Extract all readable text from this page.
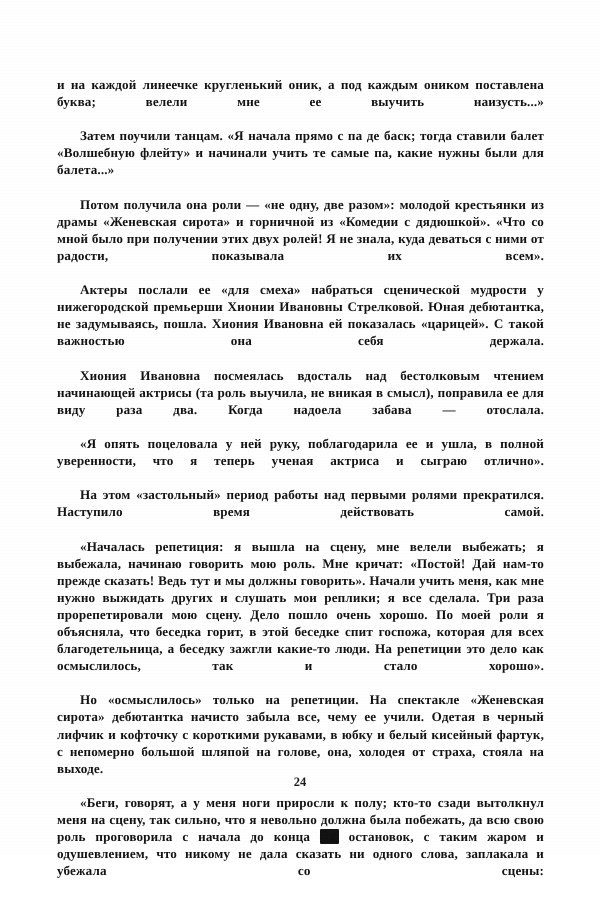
и на каждой линеечке кругленький оник, а под каждым оником поставлена буква; велели мне ее выучить наизусть...»

Затем поучили танцам. «Я начала прямо с па де баск; тогда ставили балет «Волшебную флейту» и начинали учить те самые па, какие нужны были для балета...»

Потом получила она роли — «не одну, две разом»: молодой крестьянки из драмы «Женевская сирота» и горничной из «Комедии с дядюшкой». «Что со мной было при получении этих двух ролей! Я не знала, куда деваться с ними от радости, показывала их всем».

Актеры послали ее «для смеха» набраться сценической мудрости у нижегородской премьерши Хионии Ивановны Стрелковой. Юная дебютантка, не задумываясь, пошла. Хиония Ивановна ей показалась «царицей». С такой важностью она себя держала.

Хиония Ивановна посмеялась вдосталь над бестолковым чтением начинающей актрисы (та роль выучила, не вникая в смысл), поправила ее для виду раза два. Когда надоела забава — отослала.

«Я опять поцеловала у ней руку, поблагодарила ее и ушла, в полной уверенности, что я теперь ученая актриса и сыграю отлично».

На этом «застольный» период работы над первыми ролями прекратился. Наступило время действовать самой.

«Началась репетиция: я вышла на сцену, мне велели выбежать; я выбежала, начинаю говорить мою роль. Мне кричат: «Постой! Дай нам-то прежде сказать! Ведь тут и мы должны говорить». Начали учить меня, как мне нужно выжидать других и слушать мои реплики; я все сделала. Три раза прорепетировали мою сцену. Дело пошло очень хорошо. По моей роли я объясняла, что беседка горит, в этой беседке спит госпожа, которая для всех благодетельница, а беседку зажгли какие-то люди. На репетиции это дело как осмыслилось, так и стало хорошо».

Но «осмыслилось» только на репетиции. На спектакле «Женевская сирота» дебютантка начисто забыла все, чему ее учили. Одетая в черный лифчик и кофточку с короткими рукавами, в юбку и белый кисейный фартук, с непомерно большой шляпой на голове, она, холодея от страха, стояла на выходе.

«Беги, говорят, а у меня ноги приросли к полу; кто-то сзади вытолкнул меня на сцену, так сильно, что я невольно должна была побежать, да всю свою роль проговорила с начала до конца без остановок, с таким жаром и одушевлением, что никому не дала сказать ни одного слова, заплакала и убежала со сцены:

24
